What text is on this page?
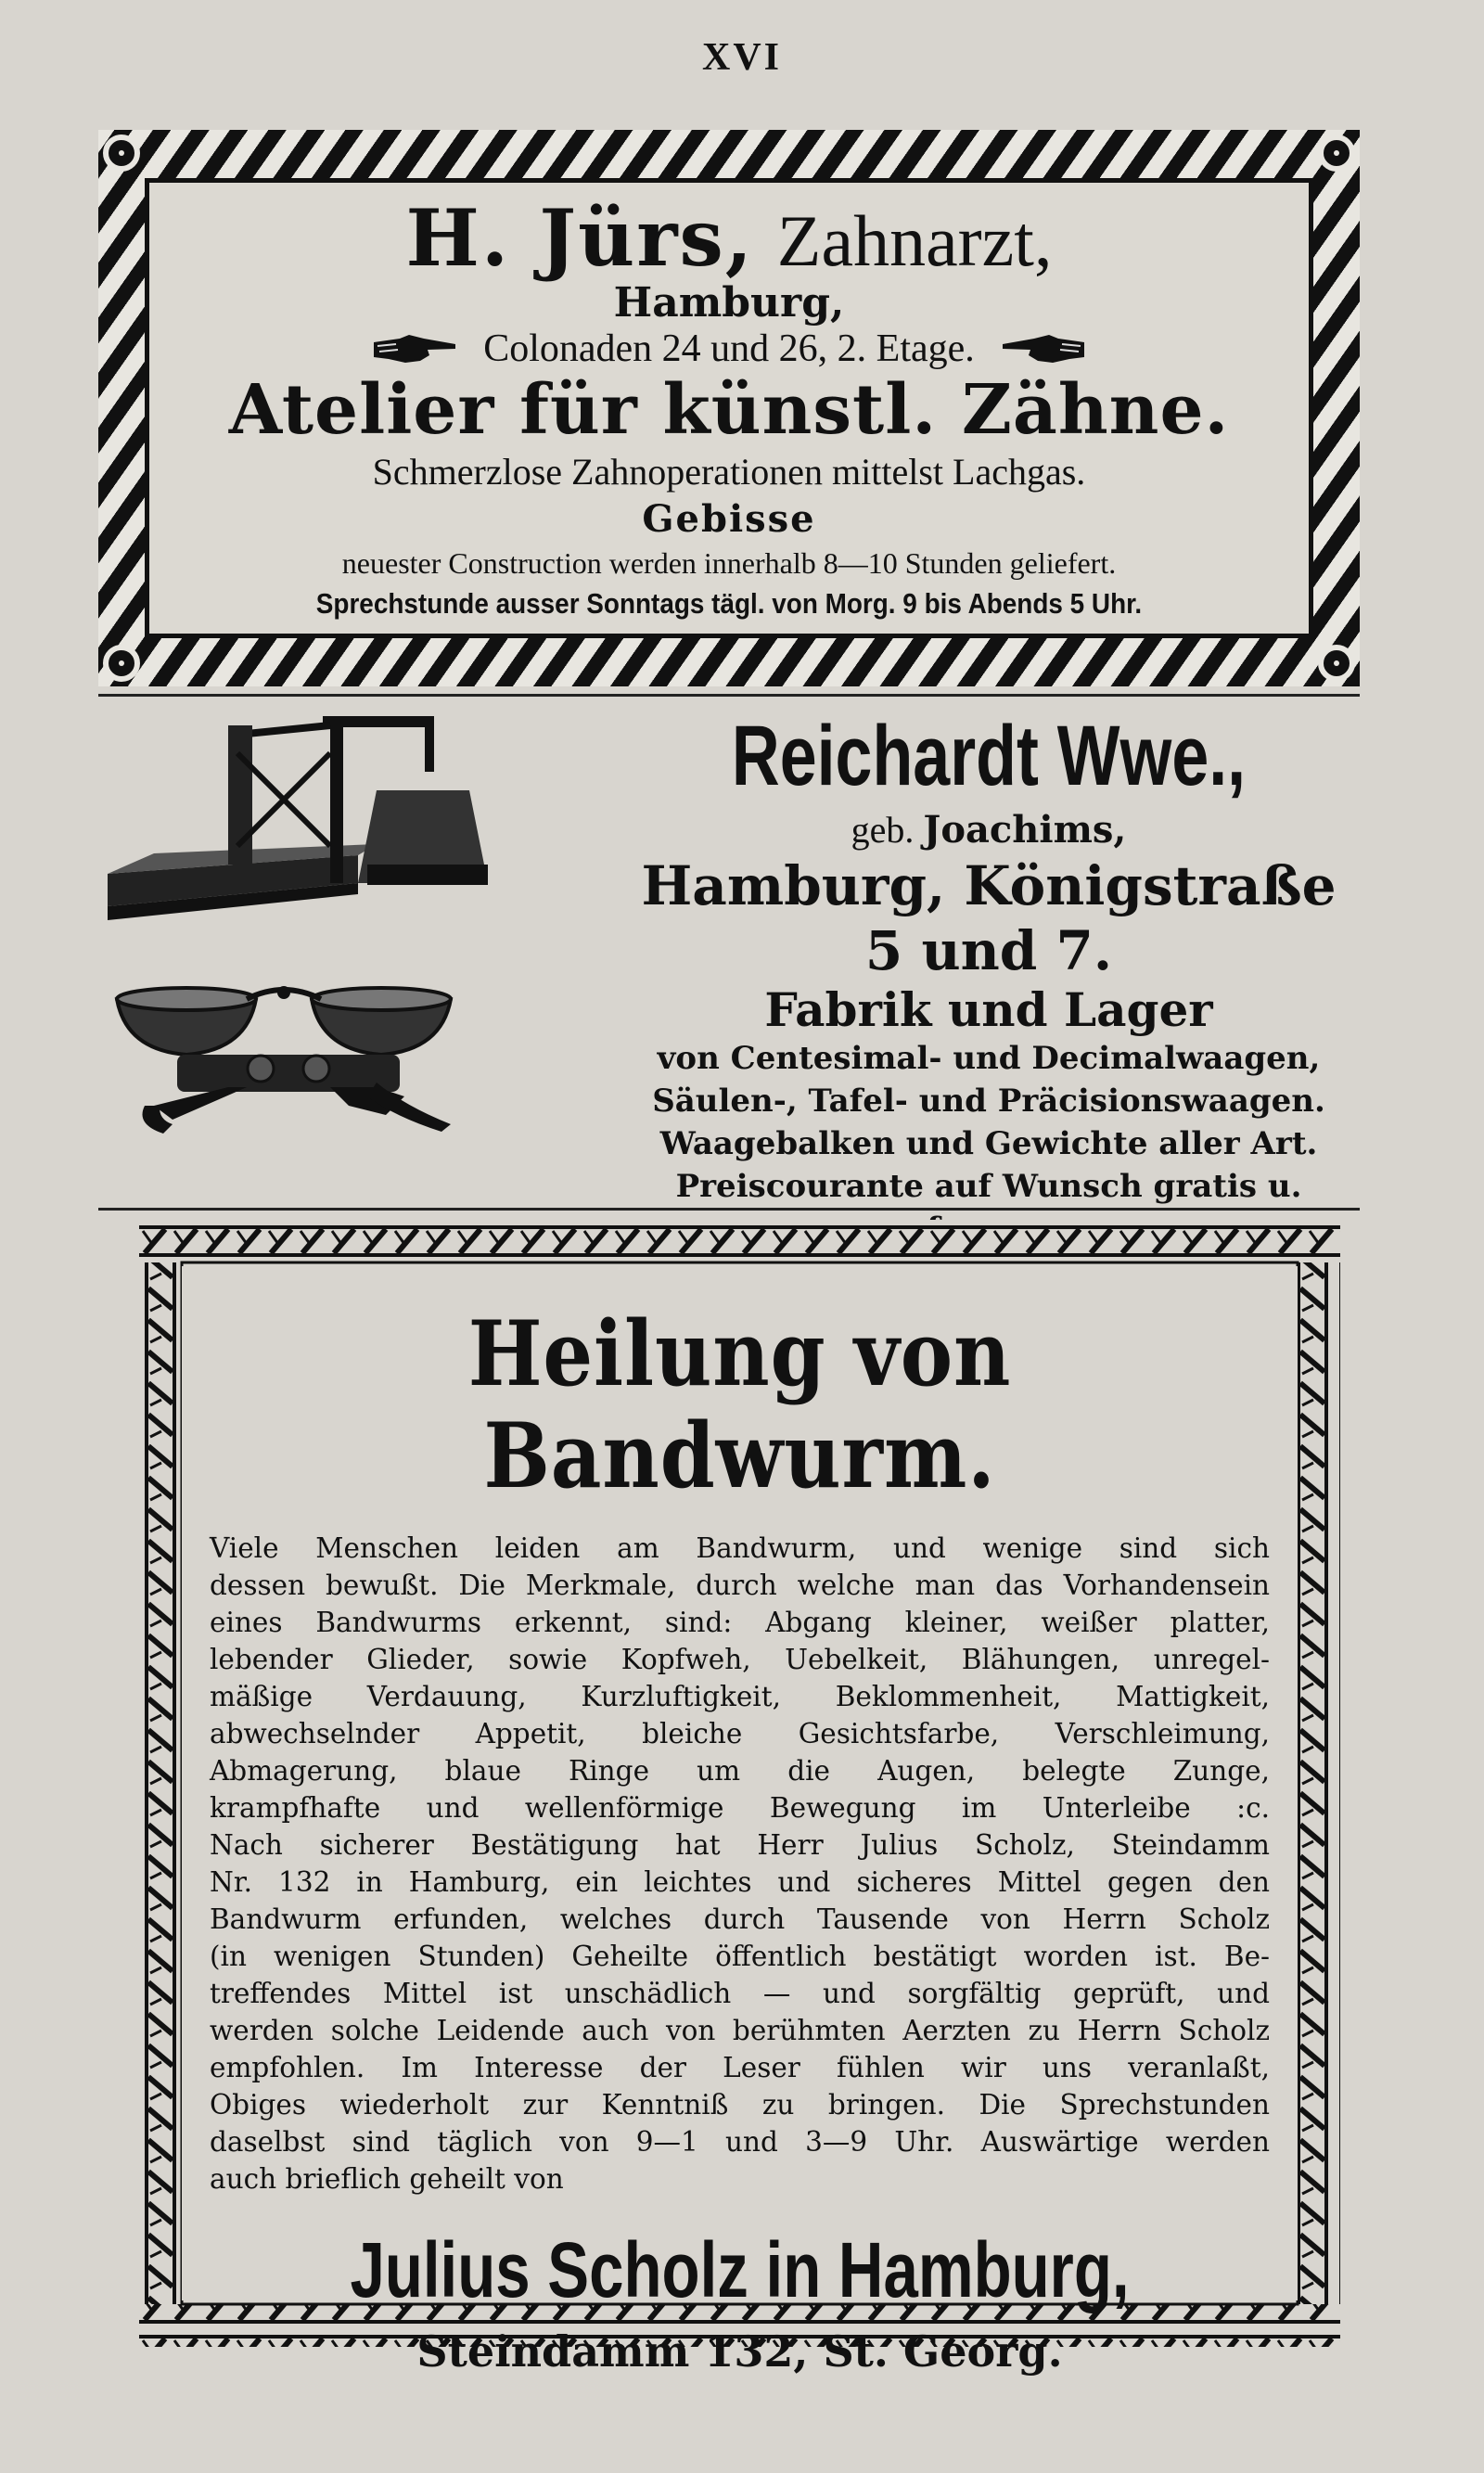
XVI
H. Jürs, Zahnarzt,
Hamburg,
Colonaden 24 und 26, 2. Etage.
Atelier für künstl. Zähne.
Schmerzlose Zahnoperationen mittelst Lachgas.
Gebisse
neuester Construction werden innerhalb 8—10 Stunden geliefert.
Sprechstunde ausser Sonntags tägl. von Morg. 9 bis Abends 5 Uhr.
Reichardt Wwe.,
geb. Joachims,
Hamburg, Königstraße 5 und 7.
Fabrik und Lager
von Centesimal- und Decimalwaagen,
Säulen-, Tafel- und Präcisionswaagen.
Waagebalken und Gewichte aller Art.
Preiscourante auf Wunsch gratis u.
Heilung von Bandwurm.
Viele Menschen leiden am Bandwurm, und wenige sind sich
dessen bewußt. Die Merkmale, durch welche man das Vorhandensein
eines Bandwurms erkennt, sind: Abgang kleiner, weißer platter,
lebender Glieder, sowie Kopfweh, Uebelkeit, Blähungen, unregel-
mäßige Verdauung, Kurzluftigkeit, Beklommenheit, Mattigkeit,
abwechselnder Appetit, bleiche Gesichtsfarbe, Verschleimung,
Abmagerung, blaue Ringe um die Augen, belegte Zunge,
krampfhafte und wellenförmige Bewegung im Unterleibe :c.
Nach sicherer Bestätigung hat Herr Julius Scholz, Steindamm
Nr. 132 in Hamburg, ein leichtes und sicheres Mittel gegen den
Bandwurm erfunden, welches durch Tausende von Herrn Scholz
(in wenigen Stunden) Geheilte öffentlich bestätigt worden ist. Be-
treffendes Mittel ist unschädlich — und sorgfältig geprüft, und
werden solche Leidende auch von berühmten Aerzten zu Herrn Scholz
empfohlen. Im Interesse der Leser fühlen wir uns veranlaßt,
Obiges wiederholt zur Kenntniß zu bringen. Die Sprechstunden
daselbst sind täglich von 9—1 und 3—9 Uhr. Auswärtige werden
auch brieflich geheilt von
Julius Scholz in Hamburg,
Steindamm 132, St. Georg.
